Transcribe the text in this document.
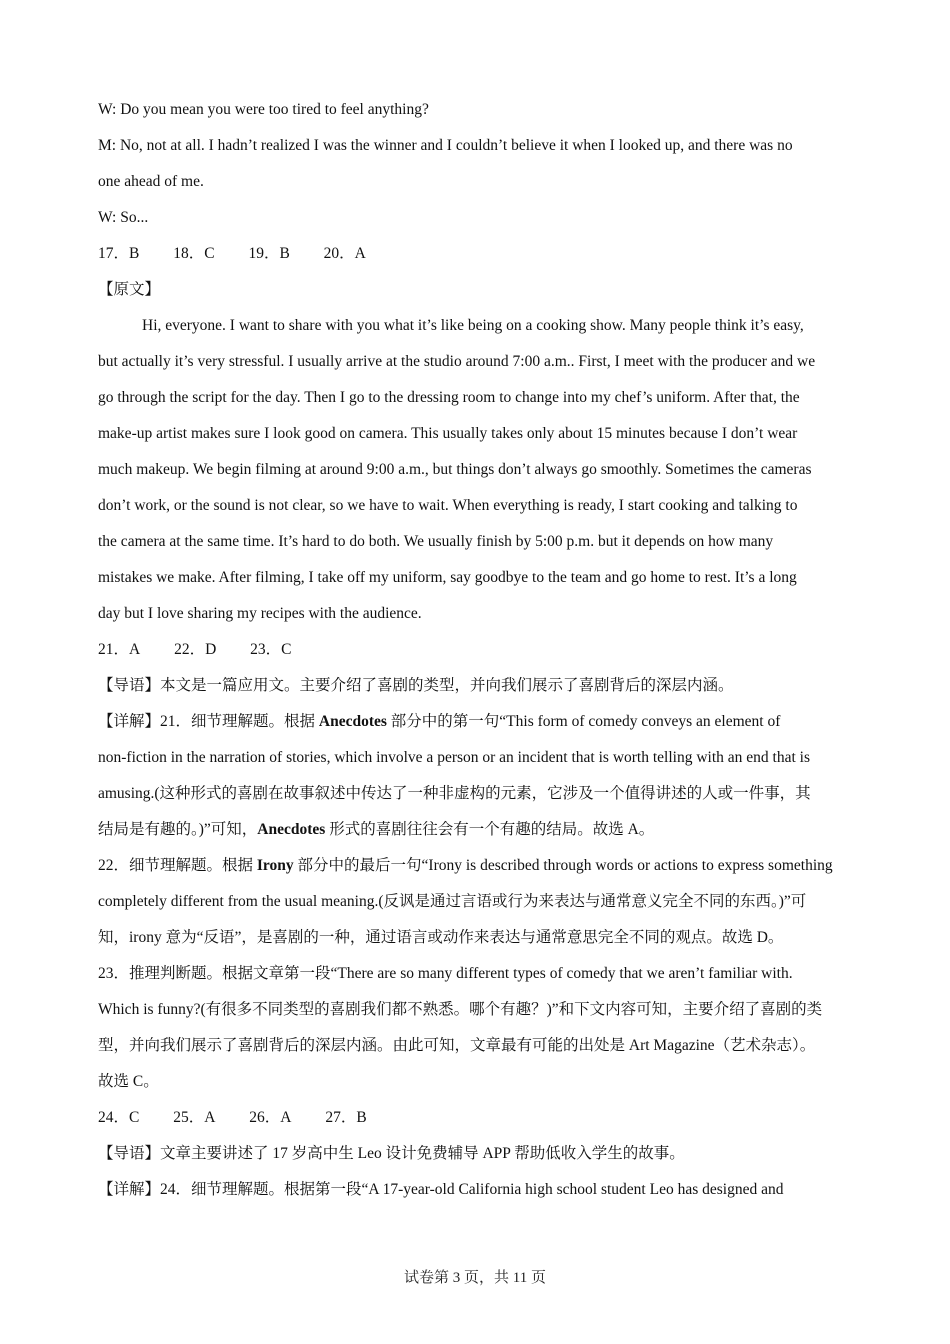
W: Do you mean you were too tired to feel anything?
M: No, not at all. I hadn’t realized I was the winner and I couldn’t believe it when I looked up, and there was no
one ahead of me.
W: So...
17．B 18．C 19．B 20．A
【原文】
Hi, everyone. I want to share with you what it’s like being on a cooking show. Many people think it’s easy,
but actually it’s very stressful. I usually arrive at the studio around 7:00 a.m.. First, I meet with the producer and we
go through the script for the day. Then I go to the dressing room to change into my chef’s uniform. After that, the
make-up artist makes sure I look good on camera. This usually takes only about 15 minutes because I don’t wear
much makeup. We begin filming at around 9:00 a.m., but things don’t always go smoothly. Sometimes the cameras
don’t work, or the sound is not clear, so we have to wait. When everything is ready, I start cooking and talking to
the camera at the same time. It’s hard to do both. We usually finish by 5:00 p.m. but it depends on how many
mistakes we make. After filming, I take off my uniform, say goodbye to the team and go home to rest. It’s a long
day but I love sharing my recipes with the audience.
21．A 22．D 23．C
【导语】本文是一篇应用文。主要介绍了喜剧的类型，并向我们展示了喜剧背后的深层内涵。
【详解】21．细节理解题。根据 Anecdotes 部分中的第一句“This form of comedy conveys an element of
non-fiction in the narration of stories, which involve a person or an incident that is worth telling with an end that is
amusing.(这种形式的喜剧在故事叙述中传达了一种非虚构的元素，它涉及一个值得讲述的人或一件事，其
结局是有趣的。)”可知，Anecdotes 形式的喜剧往往会有一个有趣的结局。故选 A。
22．细节理解题。根据 Irony 部分中的最后一句“Irony is described through words or actions to express something
completely different from the usual meaning.(反讽是通过言语或行为来表达与通常意义完全不同的东西。)”可
知，irony 意为“反语”，是喜剧的一种，通过语言或动作来表达与通常意思完全不同的观点。故选 D。
23．推理判断题。根据文章第一段“There are so many different types of comedy that we aren’t familiar with.
Which is funny?(有很多不同类型的喜剧我们都不熟悉。哪个有趣？)”和下文内容可知，主要介绍了喜剧的类
型，并向我们展示了喜剧背后的深层内涵。由此可知，文章最有可能的出处是 Art Magazine（艺术杂志）。
故选 C。
24．C 25．A 26．A 27．B
【导语】文章主要讲述了 17 岁高中生 Leo 设计免费辅导 APP 帮助低收入学生的故事。
【详解】24．细节理解题。根据第一段“A 17-year-old California high school student Leo has designed and
试卷第 3 页，共 11 页
